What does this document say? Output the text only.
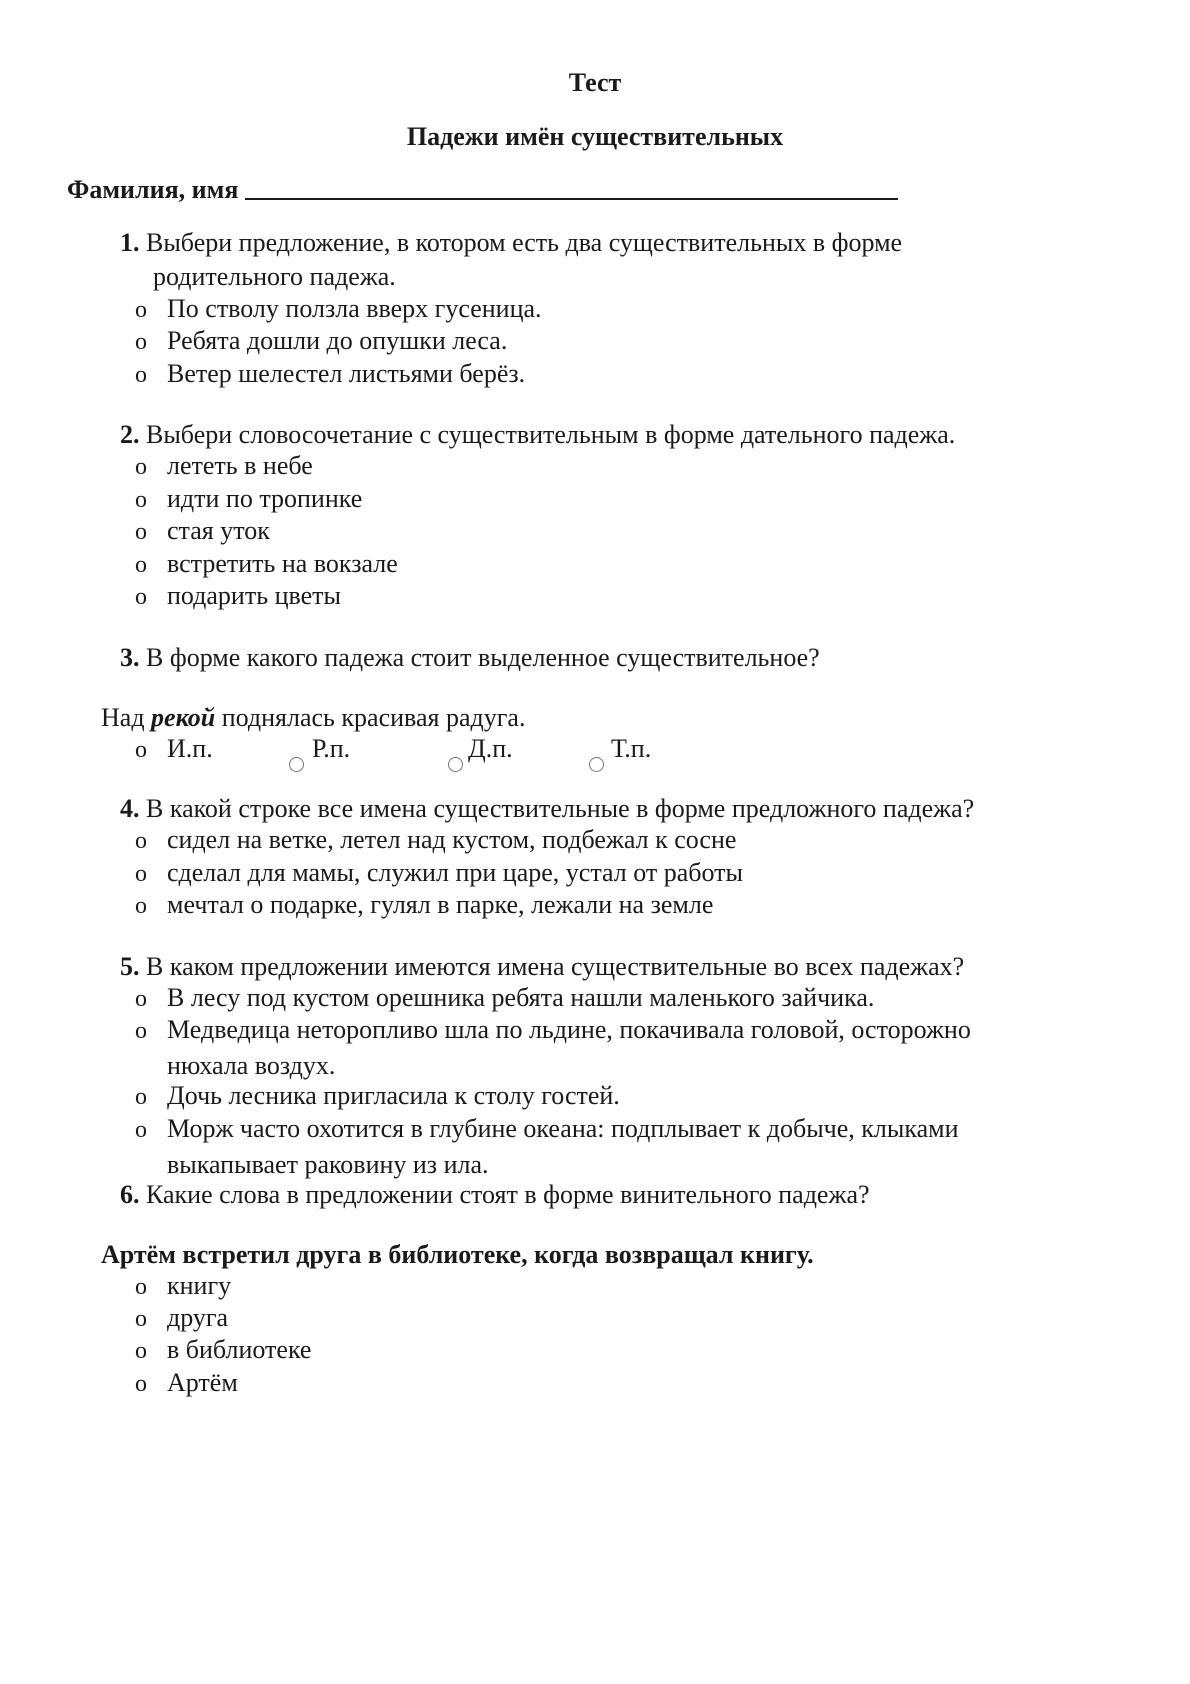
Тест
Падежи имён существительных
Фамилия, имя
1. Выбери предложение, в котором есть два существительных в форме
родительного падежа.
o По стволу ползла вверх гусеница.
o Ребята дошли до опушки леса.
o Ветер шелестел листьями берёз.
2. Выбери словосочетание с существительным в форме дательного падежа.
o лететь в небе
o идти по тропинке
o стая уток
o встретить на вокзале
o подарить цветы
3. В форме какого падежа стоит выделенное существительное?
Над рекой поднялась красивая радуга.
o И.п.	Р.п.	Д.п.	Т.п.
4. В какой строке все имена существительные в форме предложного падежа?
o сидел на ветке, летел над кустом, подбежал к сосне
o сделал для мамы, служил при царе, устал от работы
o мечтал о подарке, гулял в парке, лежали на земле
5. В каком предложении имеются имена существительные во всех падежах?
o В лесу под кустом орешника ребята нашли маленького зайчика.
o Медведица неторопливо шла по льдине, покачивала головой, осторожно
нюхала воздух.
o Дочь лесника пригласила к столу гостей.
o Морж часто охотится в глубине океана: подплывает к добыче, клыками
выкапывает раковину из ила.
6. Какие слова в предложении стоят в форме винительного падежа?
Артём встретил друга в библиотеке, когда возвращал книгу.
o книгу
o друга
o в библиотеке
o Артём
